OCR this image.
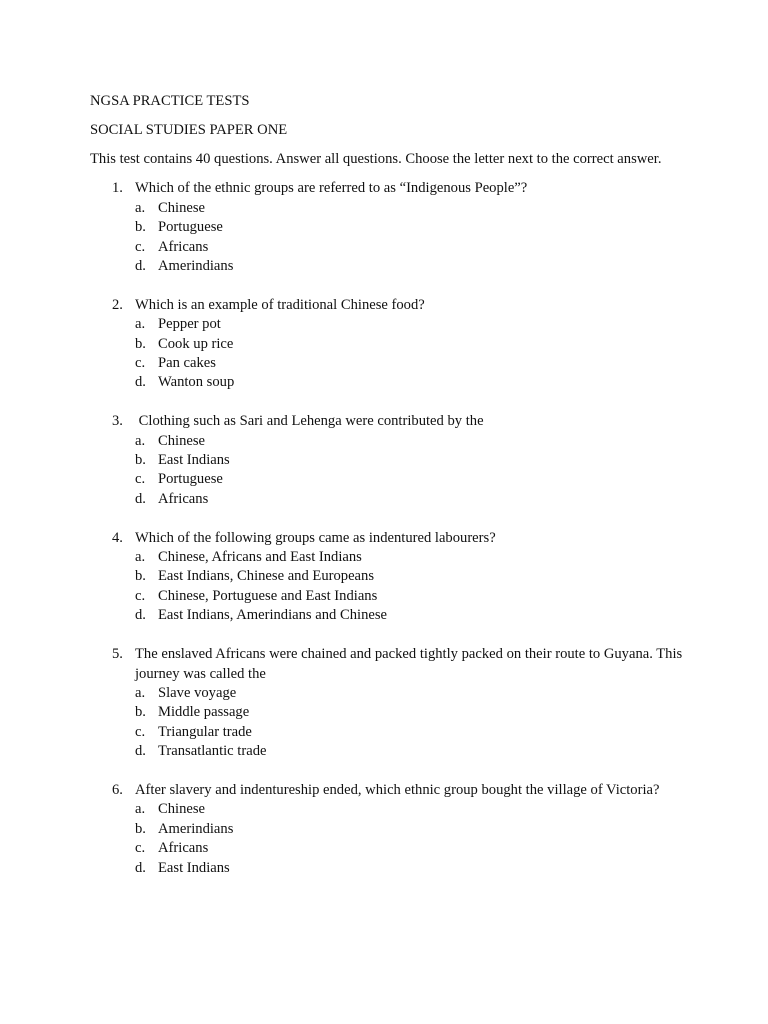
NGSA PRACTICE TESTS

SOCIAL STUDIES PAPER ONE

This test contains 40 questions. Answer all questions. Choose the letter next to the correct answer.

1. Which of the ethnic groups are referred to as “Indigenous People”?
a. Chinese
b. Portuguese
c. Africans
d. Amerindians
2. Which is an example of traditional Chinese food?
a. Pepper pot
b. Cook up rice
c. Pan cakes
d. Wanton soup
3. Clothing such as Sari and Lehenga were contributed by the
a. Chinese
b. East Indians
c. Portuguese
d. Africans
4. Which of the following groups came as indentured labourers?
a. Chinese, Africans and East Indians
b. East Indians, Chinese and Europeans
c. Chinese, Portuguese and East Indians
d. East Indians, Amerindians and Chinese
5. The enslaved Africans were chained and packed tightly packed on their route to Guyana. This journey was called the
a. Slave voyage
b. Middle passage
c. Triangular trade
d. Transatlantic trade
6. After slavery and indentureship ended, which ethnic group bought the village of Victoria?
a. Chinese
b. Amerindians
c. Africans
d. East Indians
